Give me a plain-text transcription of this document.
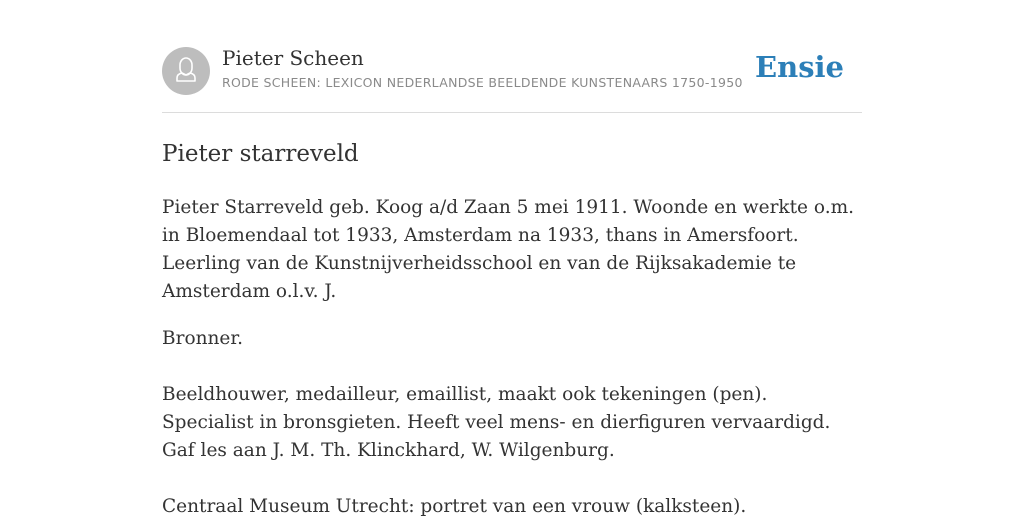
Pieter Scheen
RODE SCHEEN: LEXICON NEDERLANDSE BEELDENDE KUNSTENAARS 1750-1950 Ensie
Pieter starreveld

Pieter Starreveld geb. Koog a/d Zaan 5 mei 1911. Woonde en werkte o.m. in Bloemendaal tot 1933, Amsterdam na 1933, thans in Amersfoort. Leerling van de Kunstnijverheidsschool en van de Rijksakademie te Amsterdam o.l.v. J.

Bronner.

Beeldhouwer, medailleur, emaillist, maakt ook tekeningen (pen). Specialist in bronsgieten. Heeft veel mens- en dierfiguren vervaardigd. Gaf les aan J. M. Th. Klinckhard, W. Wilgenburg.

Centraal Museum Utrecht: portret van een vrouw (kalksteen).
